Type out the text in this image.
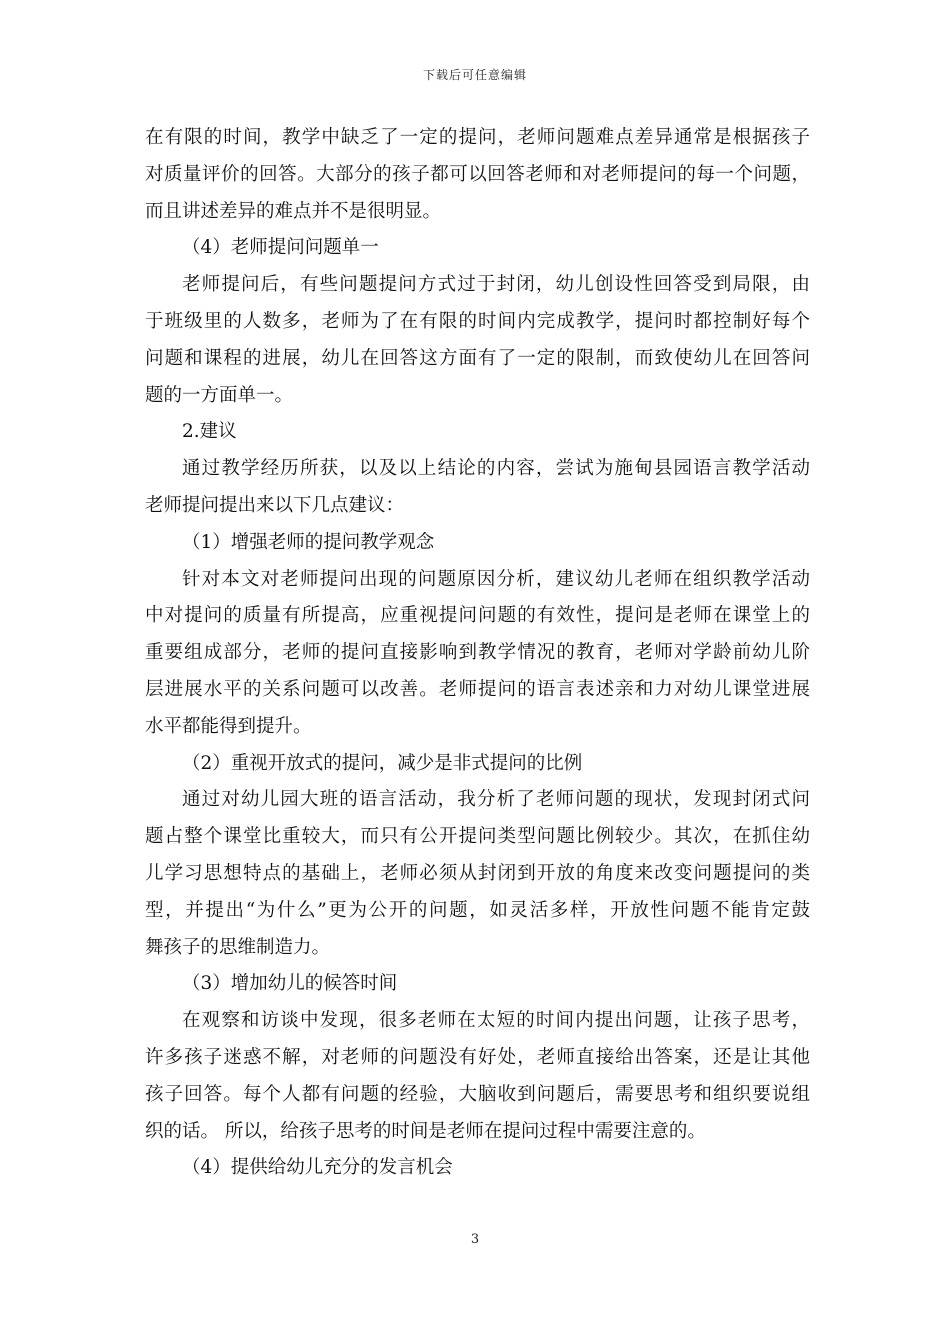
下载后可任意编辑
在有限的时间，教学中缺乏了一定的提问，老师问题难点差异通常是根据孩子
对质量评价的回答。大部分的孩子都可以回答老师和对老师提问的每一个问题，
而且讲述差异的难点并不是很明显。
（4）老师提问问题单一
老师提问后，有些问题提问方式过于封闭，幼儿创设性回答受到局限，由
于班级里的人数多，老师为了在有限的时间内完成教学，提问时都控制好每个
问题和课程的进展，幼儿在回答这方面有了一定的限制，而致使幼儿在回答问
题的一方面单一。
2.建议
通过教学经历所获，以及以上结论的内容，尝试为施甸县园语言教学活动
老师提问提出来以下几点建议：
（1）增强老师的提问教学观念
针对本文对老师提问出现的问题原因分析，建议幼儿老师在组织教学活动
中对提问的质量有所提高，应重视提问问题的有效性，提问是老师在课堂上的
重要组成部分，老师的提问直接影响到教学情况的教育，老师对学龄前幼儿阶
层进展水平的关系问题可以改善。老师提问的语言表述亲和力对幼儿课堂进展
水平都能得到提升。
（2）重视开放式的提问，减少是非式提问的比例
通过对幼儿园大班的语言活动，我分析了老师问题的现状，发现封闭式问
题占整个课堂比重较大，而只有公开提问类型问题比例较少。其次，在抓住幼
儿学习思想特点的基础上，老师必须从封闭到开放的角度来改变问题提问的类
型，并提出“为什么”更为公开的问题，如灵活多样，开放性问题不能肯定鼓
舞孩子的思维制造力。
（3）增加幼儿的候答时间
在观察和访谈中发现，很多老师在太短的时间内提出问题，让孩子思考，
许多孩子迷惑不解，对老师的问题没有好处，老师直接给出答案，还是让其他
孩子回答。每个人都有问题的经验，大脑收到问题后，需要思考和组织要说组
织的话。 所以，给孩子思考的时间是老师在提问过程中需要注意的。
（4）提供给幼儿充分的发言机会
3
